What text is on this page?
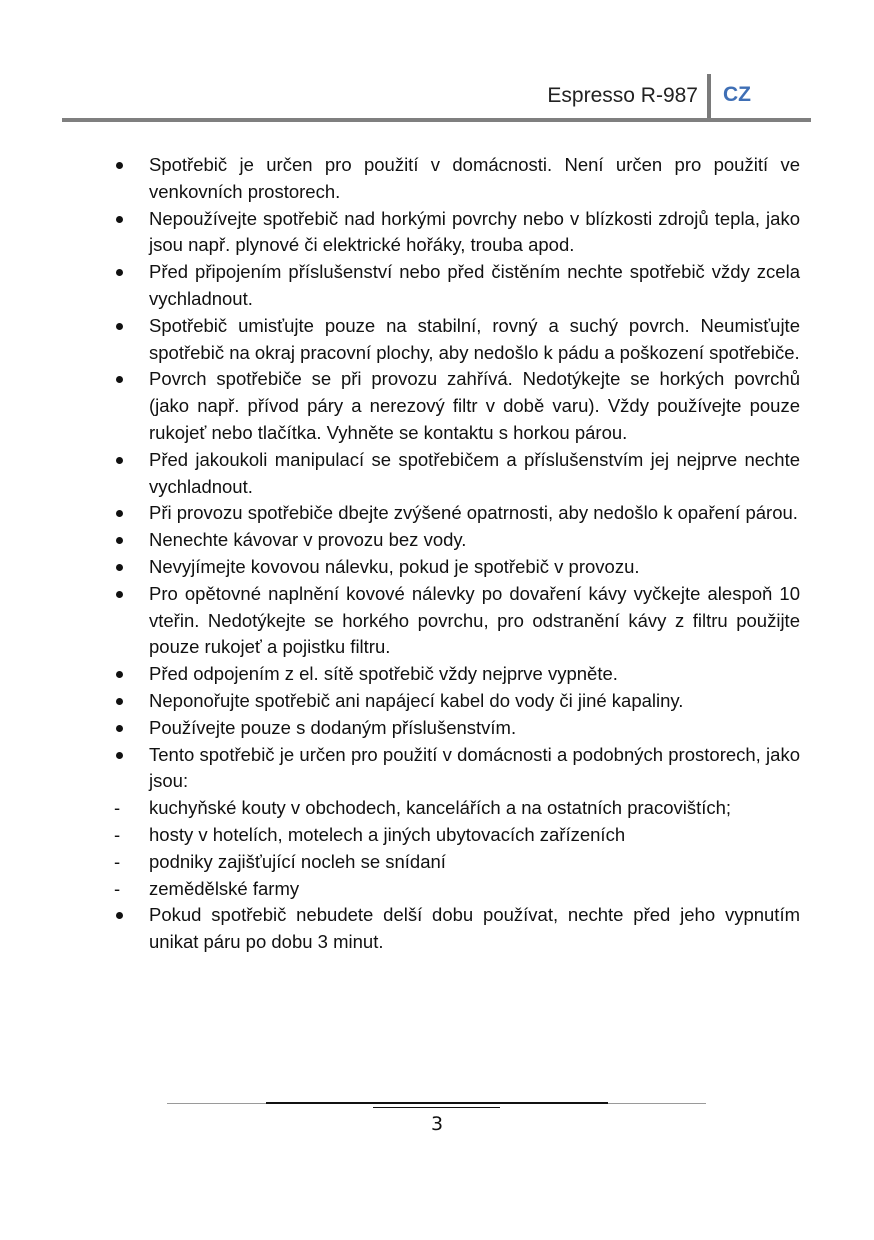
Espresso R-987 CZ

Spotřebič je určen pro použití v domácnosti. Není určen pro použití ve venkovních prostorech.

Nepoužívejte spotřebič nad horkými povrchy nebo v blízkosti zdrojů tepla, jako jsou např. plynové či elektrické hořáky, trouba apod.

Před připojením příslušenství nebo před čistěním nechte spotřebič vždy zcela vychladnout.

Spotřebič umisťujte pouze na stabilní, rovný a suchý povrch. Neumisťujte spotřebič na okraj pracovní plochy, aby nedošlo k pádu a poškození spotřebiče.

Povrch spotřebiče se při provozu zahřívá. Nedotýkejte se horkých povrchů (jako např. přívod páry a nerezový filtr v době varu). Vždy používejte pouze rukojeť nebo tlačítka. Vyhněte se kontaktu s horkou párou.

Před jakoukoli manipulací se spotřebičem a příslušenstvím jej nejprve nechte vychladnout.

Při provozu spotřebiče dbejte zvýšené opatrnosti, aby nedošlo k opaření párou.

Nenechte kávovar v provozu bez vody.

Nevyjímejte kovovou nálevku, pokud je spotřebič v provozu.

Pro opětovné naplnění kovové nálevky po dovaření kávy vyčkejte alespoň 10 vteřin. Nedotýkejte se horkého povrchu, pro odstranění kávy z filtru použijte pouze rukojeť a pojistku filtru.

Před odpojením z el. sítě spotřebič vždy nejprve vypněte.

Neponořujte spotřebič ani napájecí kabel do vody či jiné kapaliny.

Používejte pouze s dodaným příslušenstvím.

Tento spotřebič je určen pro použití v domácnosti a podobných prostorech, jako jsou:

- kuchyňské kouty v obchodech, kancelářích a na ostatních pracovištích;

- hosty v hotelích, motelech a jiných ubytovacích zařízeních

- podniky zajišťující nocleh se snídaní

- zemědělské farmy

Pokud spotřebič nebudete delší dobu používat, nechte před jeho vypnutím unikat páru po dobu 3 minut.

3
